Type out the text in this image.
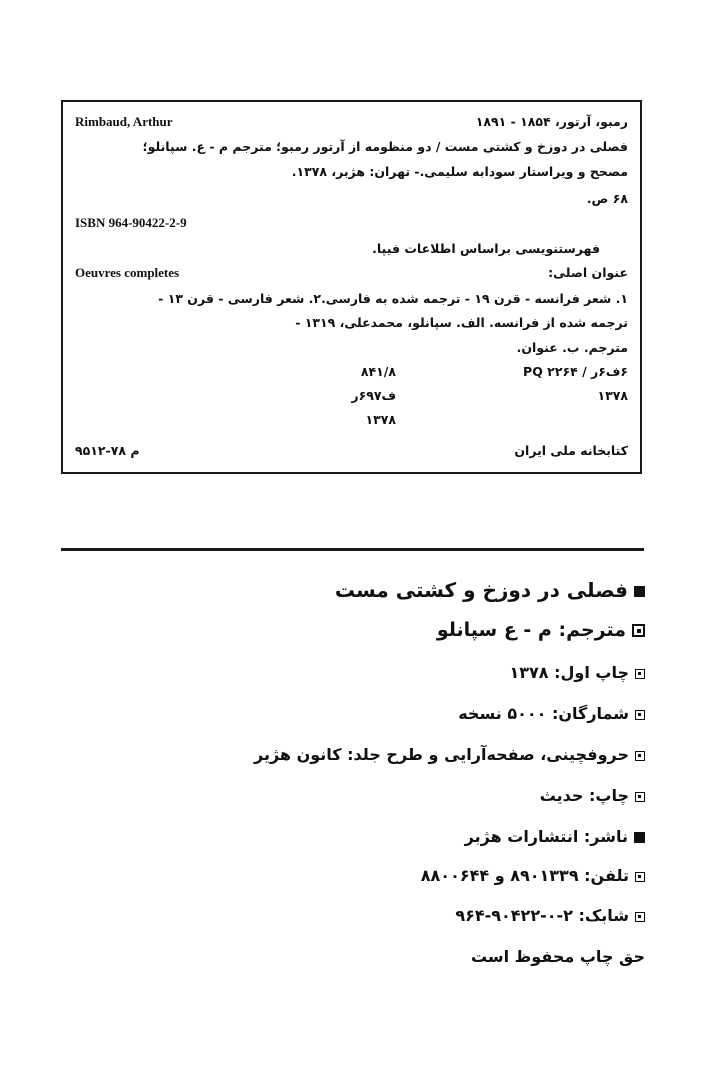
Rimbaud, Arthur	رمبو، آرتور، ۱۸۵۴ - ۱۸۹۱
فصلی در دوزخ و کشتی مست / دو منظومه از آرتور رمبو؛ مترجم م - ع. سپانلو؛
مصحح و ویراستار سودابه سلیمی.- تهران: هژبر، ۱۳۷۸.
۶۸ ص.
ISBN 964-90422-2-9
فهرستنویسی براساس اطلاعات فیپا.
Oeuvres completes	عنوان اصلی:
۱. شعر فرانسه - قرن ۱۹ - ترجمه شده به فارسی.۲. شعر فارسی - قرن ۱۳ -
ترجمه شده از فرانسه. الف. سپانلو، محمدعلی، ۱۳۱۹ -
مترجم. ب. عنوان.
۶ف۶ر / PQ ۲۲۶۴
۱۳۷۸
۸۴۱/۸
ف۶۹۷ر
۱۳۷۸
کتابخانه ملی ایران
م ۷۸-۹۵۱۲
فصلی در دوزخ و کشتی مست
مترجم: م - ع سپانلو
چاپ اول: ۱۳۷۸
شمارگان: ۵۰۰۰ نسخه
حروفچینی، صفحه‌آرایی و طرح جلد: کانون هژیر
چاپ: حدیث
ناشر: انتشارات هژبر
تلفن: ۸۹۰۱۳۳۹ و ۸۸۰۰۶۴۴
شابک: ۲-۰-۹۰۴۲۲-۹۶۴
حق چاپ محفوظ است
